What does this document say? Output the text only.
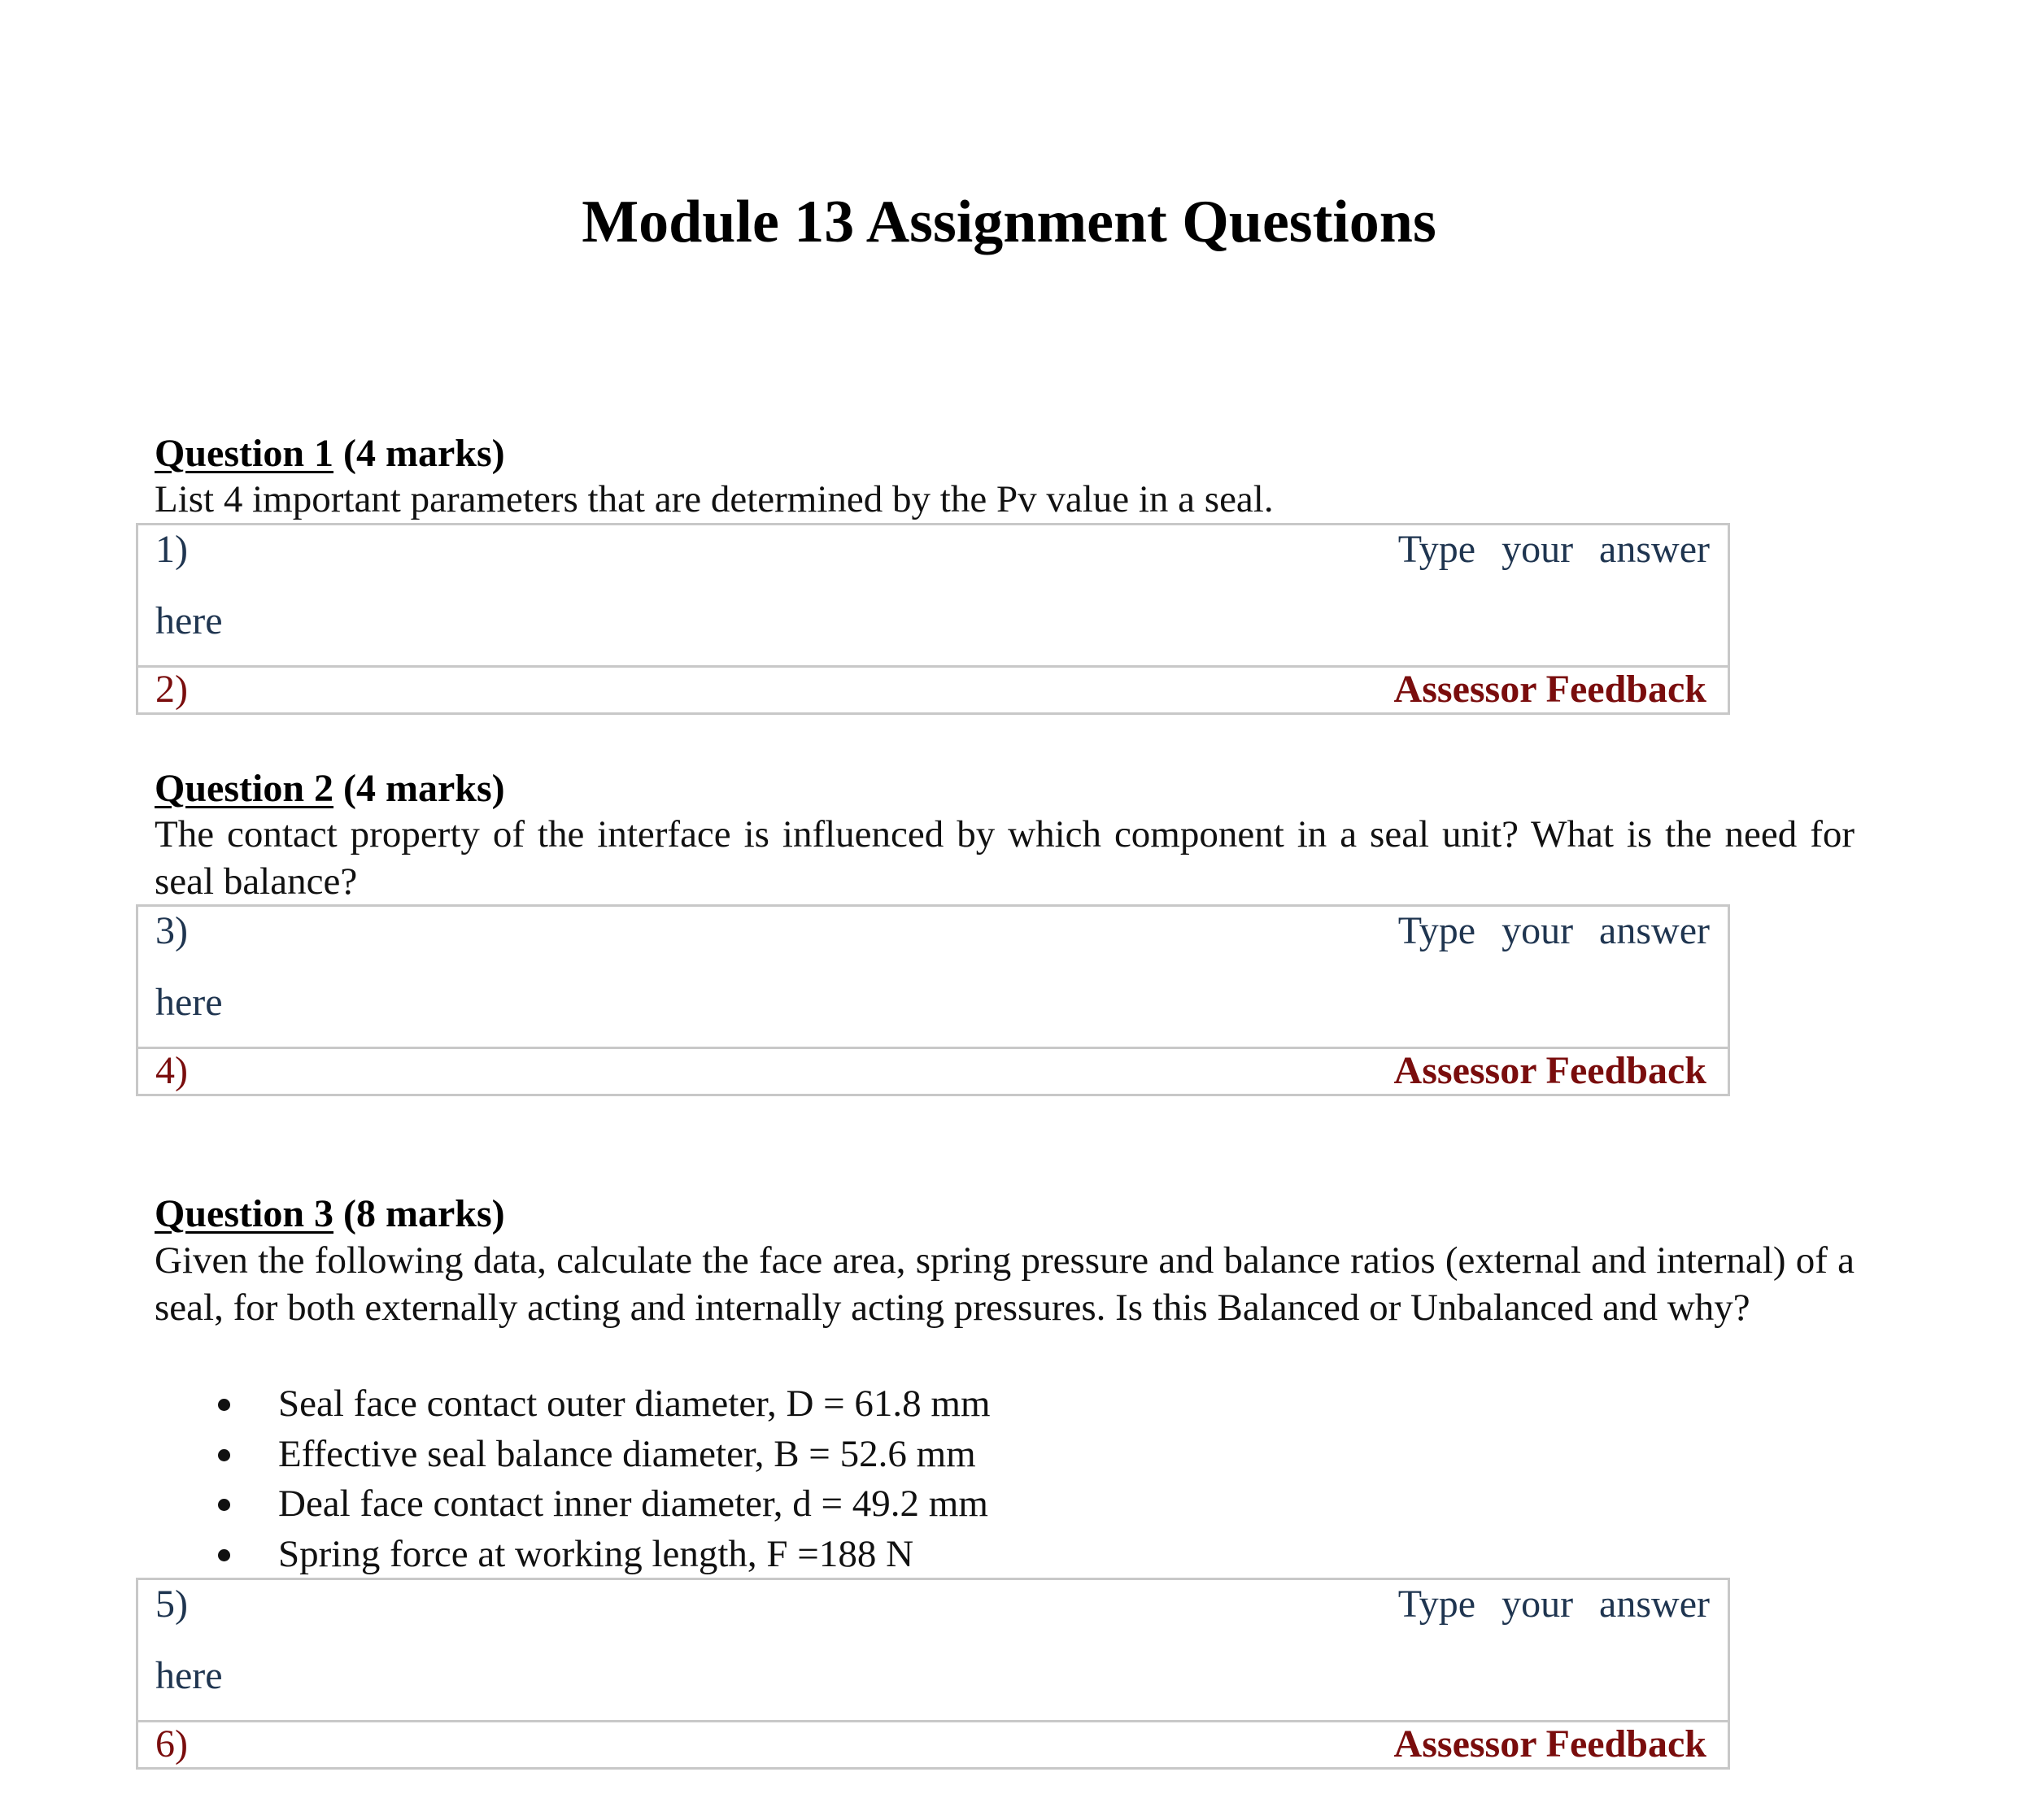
Module 13 Assignment Questions
Question 1 (4 marks)
List 4 important parameters that are determined by the Pv value in a seal.
1)	Type your answer
here
2)	Assessor Feedback
Question 2 (4 marks)
The contact property of the interface is influenced by which component in a seal unit? What is the need for seal balance?
3)	Type your answer
here
4)	Assessor Feedback
Question 3 (8 marks)
Given the following data, calculate the face area, spring pressure and balance ratios (external and internal) of a seal, for both externally acting and internally acting pressures. Is this Balanced or Unbalanced and why?
Seal face contact outer diameter, D = 61.8 mm
Effective seal balance diameter, B = 52.6 mm
Deal face contact inner diameter, d = 49.2 mm
Spring force at working length, F =188 N
5)	Type your answer
here
6)	Assessor Feedback
